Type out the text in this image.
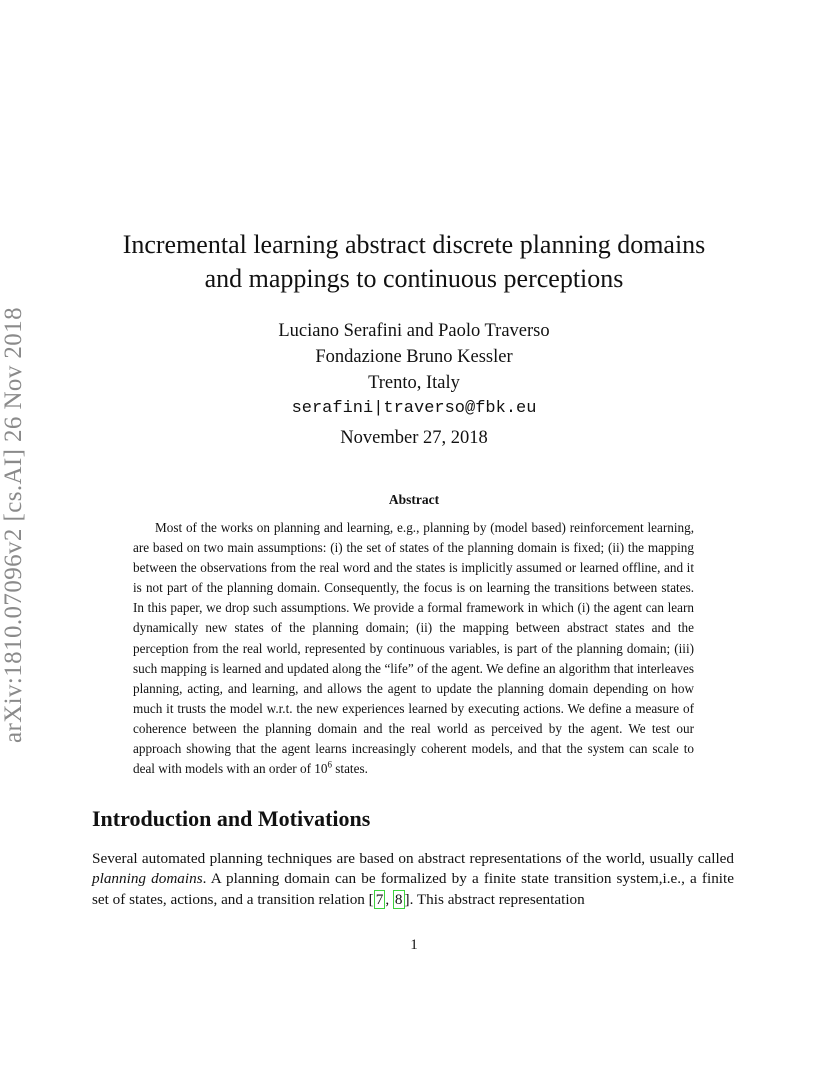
arXiv:1810.07096v2 [cs.AI] 26 Nov 2018
Incremental learning abstract discrete planning domains
and mappings to continuous perceptions
Luciano Serafini and Paolo Traverso
Fondazione Bruno Kessler
Trento, Italy
serafini|traverso@fbk.eu
November 27, 2018
Abstract

Most of the works on planning and learning, e.g., planning by (model based) reinforcement learning, are based on two main assumptions: (i) the set of states of the planning domain is fixed; (ii) the mapping between the observations from the real word and the states is implicitly assumed or learned offline, and it is not part of the planning domain. Consequently, the focus is on learning the transitions between states. In this paper, we drop such assumptions. We provide a formal framework in which (i) the agent can learn dynamically new states of the planning domain; (ii) the mapping between abstract states and the perception from the real world, represented by continuous variables, is part of the planning domain; (iii) such mapping is learned and updated along the “life” of the agent. We define an algorithm that interleaves planning, acting, and learning, and allows the agent to update the planning domain depending on how much it trusts the model w.r.t. the new experiences learned by executing actions. We define a measure of coherence between the planning domain and the real world as perceived by the agent. We test our approach showing that the agent learns increasingly coherent models, and that the system can scale to deal with models with an order of $10^6$ states.

Introduction and Motivations

Several automated planning techniques are based on abstract representations of the world, usually called planning domains. A planning domain can be formalized by a finite state transition system,i.e., a finite set of states, actions, and a transition relation [ 7 , 8 ]. This abstract representation

1
